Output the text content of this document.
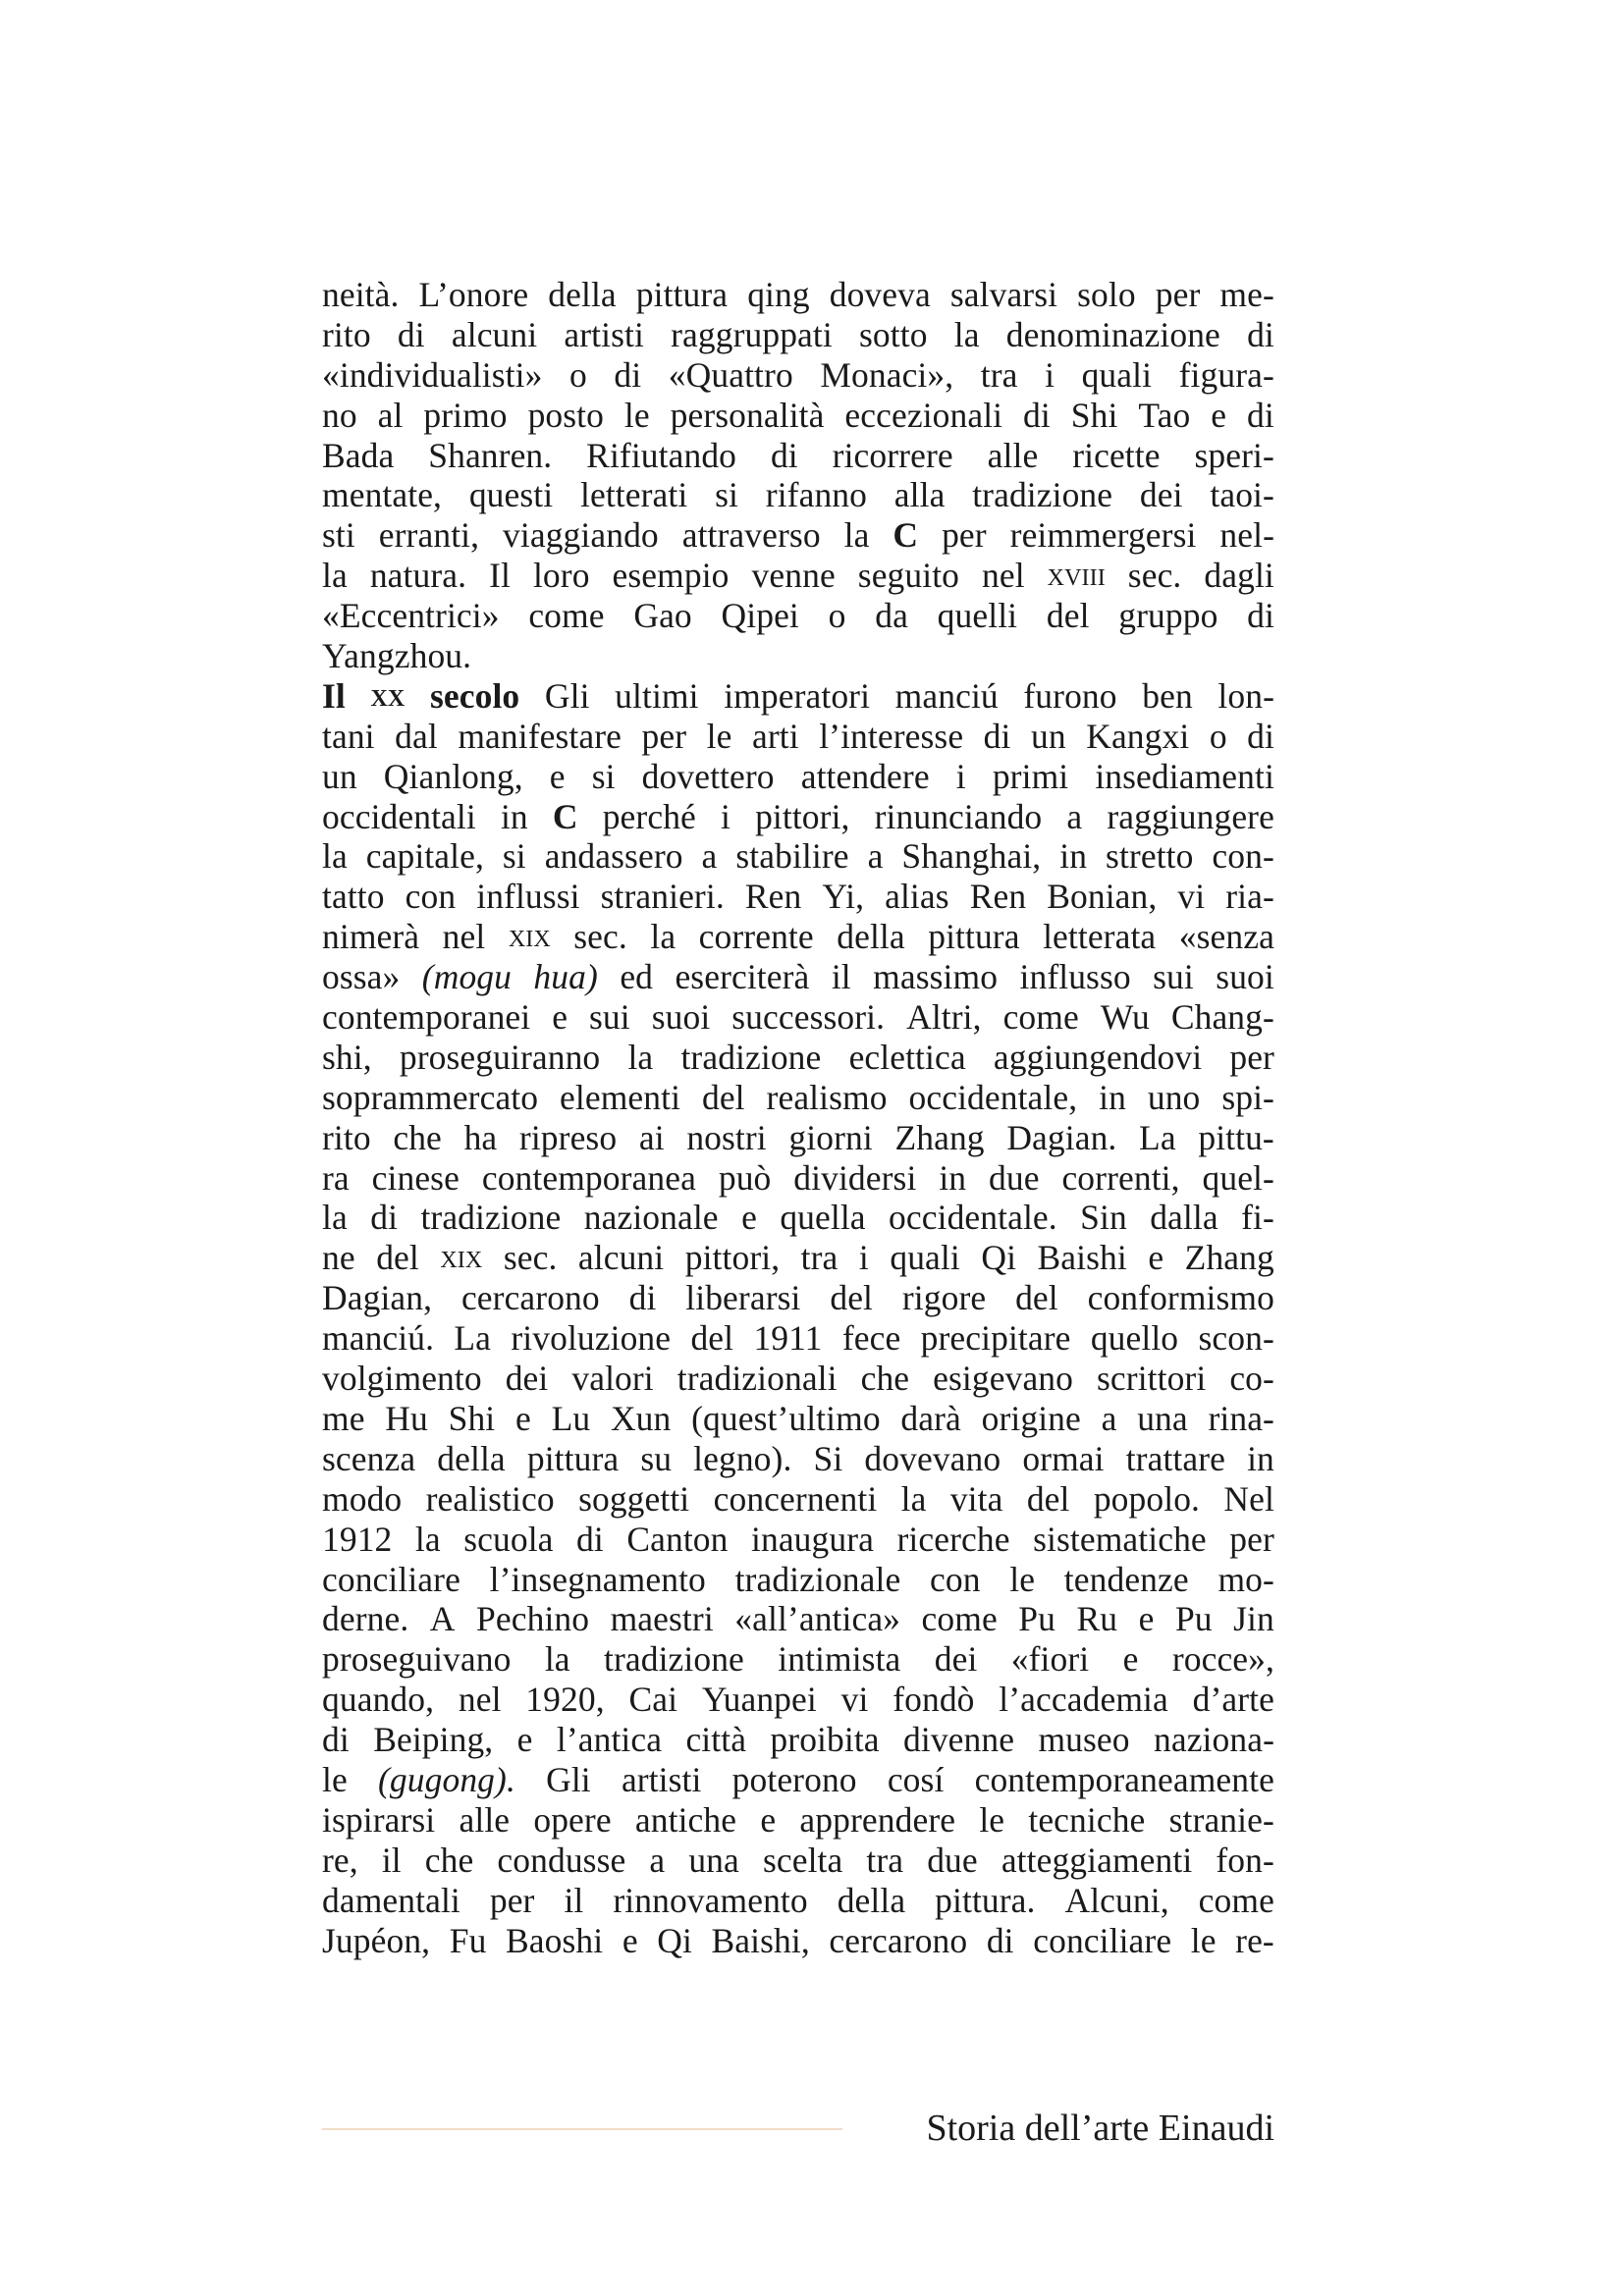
neità. L’onore della pittura qing doveva salvarsi solo per me-
rito di alcuni artisti raggruppati sotto la denominazione di
«individualisti» o di «Quattro Monaci», tra i quali figura-
no al primo posto le personalità eccezionali di Shi Tao e di
Bada Shanren. Rifiutando di ricorrere alle ricette speri-
mentate, questi letterati si rifanno alla tradizione dei taoi-
sti erranti, viaggiando attraverso la C per reimmergersi nel-
la natura. Il loro esempio venne seguito nel xviii sec. dagli
«Eccentrici» come Gao Qipei o da quelli del gruppo di
Yangzhou.
Il xx secolo Gli ultimi imperatori manciú furono ben lon-
tani dal manifestare per le arti l’interesse di un Kangxi o di
un Qianlong, e si dovettero attendere i primi insediamenti
occidentali in C perché i pittori, rinunciando a raggiungere
la capitale, si andassero a stabilire a Shanghai, in stretto con-
tatto con influssi stranieri. Ren Yi, alias Ren Bonian, vi ria-
nimerà nel xix sec. la corrente della pittura letterata «senza
ossa» (mogu hua) ed eserciterà il massimo influsso sui suoi
contemporanei e sui suoi successori. Altri, come Wu Chang-
shi, proseguiranno la tradizione eclettica aggiungendovi per
soprammercato elementi del realismo occidentale, in uno spi-
rito che ha ripreso ai nostri giorni Zhang Dagian. La pittu-
ra cinese contemporanea può dividersi in due correnti, quel-
la di tradizione nazionale e quella occidentale. Sin dalla fi-
ne del xix sec. alcuni pittori, tra i quali Qi Baishi e Zhang
Dagian, cercarono di liberarsi del rigore del conformismo
manciú. La rivoluzione del 1911 fece precipitare quello scon-
volgimento dei valori tradizionali che esigevano scrittori co-
me Hu Shi e Lu Xun (quest’ultimo darà origine a una rina-
scenza della pittura su legno). Si dovevano ormai trattare in
modo realistico soggetti concernenti la vita del popolo. Nel
1912 la scuola di Canton inaugura ricerche sistematiche per
conciliare l’insegnamento tradizionale con le tendenze mo-
derne. A Pechino maestri «all’antica» come Pu Ru e Pu Jin
proseguivano la tradizione intimista dei «fiori e rocce»,
quando, nel 1920, Cai Yuanpei vi fondò l’accademia d’arte
di Beiping, e l’antica città proibita divenne museo naziona-
le (gugong). Gli artisti poterono cosí contemporaneamente
ispirarsi alle opere antiche e apprendere le tecniche stranie-
re, il che condusse a una scelta tra due atteggiamenti fon-
damentali per il rinnovamento della pittura. Alcuni, come
Jupéon, Fu Baoshi e Qi Baishi, cercarono di conciliare le re-
Storia dell’arte Einaudi
